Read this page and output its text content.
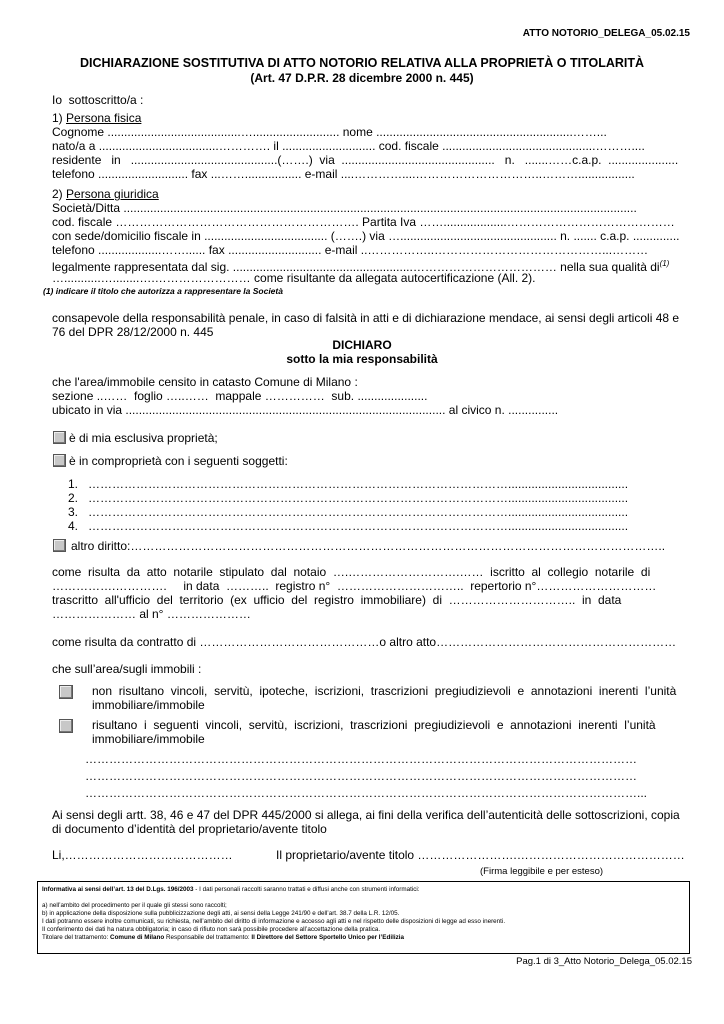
ATTO NOTORIO_DELEGA_05.02.15
DICHIARAZIONE SOSTITUTIVA DI ATTO NOTORIO RELATIVA ALLA PROPRIETÀ O TITOLARITÀ
(Art. 47 D.P.R. 28 dicembre 2000 n. 445)
Io  sottoscritto/a :
1) Persona fisica
Cognome ........................................….......................... nome ...........................................................……...
nato/a a ....................................…………. il ............................ cod. fiscale ..............................................………....
residente   in   ............................................(…….)  via  ..............................................   n.   .......……c.a.p.  .....................
telefono ........................... fax ...……................. e-mail ....…………....…………………………..……….................
2) Persona giuridica
Società/Ditta ..........................................................................................................................................................
cod. fiscale ……………………………………………………. Partita Iva ……...................……………………………………
con sede/domicilio fiscale in ..................................... (…….) via …............................................... n. ....... c.a.p. ..............
telefono ...................……...... fax ............................ e-mail ..……………..……………………………………...………
legalmente rappresentata dal sig. ......................................................……………………………… nella sua qualità $di^{(1)}$
…...........…........….…………………… come risultante da allegata autocertificazione (All. 2).
(1) indicare il titolo che autorizza a rappresentare la Società
consapevole della responsabilità penale, in caso di falsità in atti e di dichiarazione mendace, ai sensi degli articoli 48 e
76 del DPR 28/12/2000 n. 445
DICHIARO
sotto la mia responsabilità
che l'area/immobile censito in catasto Comune di Milano :
sezione ..……  foglio …..……  mappale ……………  sub. .....................
ubicato in via ................................................................................................ al civico n. ...............
è di mia esclusiva proprietà;
è in comproprietà con i seguenti soggetti:
1. ……………………………………………………………………………………………....................................
2. ……………………………………………………………………………………………....................................
3. ……………………………………………………………………………………………....................................
4. ……………………………………………………………………………………………....................................
altro diritto:……………………………………………………………………………………………………………………..
come  risulta  da  atto  notarile  stipulato  dal  notaio  ….……………………….……  iscritto  al  collegio  notarile  di
…………….………….     in data  ………..  registro n°  …………………………..  repertorio n°…………………………
trascritto  all'ufficio  del  territorio  (ex  ufficio  del  registro  immobiliare)  di  …………………………..  in  data
………………… al n° …………………
come risulta da contratto di ………………………………………o altro atto……………………………………………………
che sull’area/sugli immobili :
non  risultano  vincoli,  servitù,  ipoteche,  iscrizioni,  trascrizioni  pregiudizievoli  e  annotazioni  inerenti  l’unità
immobiliare/immobile
risultano  i  seguenti  vincoli,  servitù,  iscrizioni,  trascrizioni  pregiudizievoli  e  annotazioni  inerenti  l’unità
immobiliare/immobile
…………………………………………………………………………………………………………………………
…………………………………………………………………………………………………………………………
…………………………………………………………………………………………………………………………...
Ai sensi degli artt. 38, 46 e 47 del DPR 445/2000 si allega, ai fini della verifica dell’autenticità delle sottoscrizioni, copia
di documento d’identità del proprietario/avente titolo
Li,……………………………………	Il proprietario/avente titolo …………………….……………………………………
(Firma leggibile e per esteso)
Informativa ai sensi dell’art. 13 del D.Lgs. 196/2003 - I dati personali raccolti saranno trattati e diffusi anche con strumenti informatici:
a) nell’ambito del procedimento per il quale gli stessi sono raccolti;
b) in applicazione della disposizione sulla pubblicizzazione degli atti, ai sensi della Legge 241/90 e dell’art. 38.7 della L.R. 12/05.
I dati potranno essere inoltre comunicati, su richiesta, nell’ambito del diritto di informazione e accesso agli atti e nel rispetto delle disposizioni di legge ad esso inerenti.
Il conferimento dei dati ha natura obbligatoria; in caso di rifiuto non sarà possibile procedere all’accettazione della pratica.
Titolare del trattamento: Comune di Milano Responsabile del trattamento: Il Direttore del Settore Sportello Unico per l’Edilizia
Pag.1 di 3_Atto Notorio_Delega_05.02.15
